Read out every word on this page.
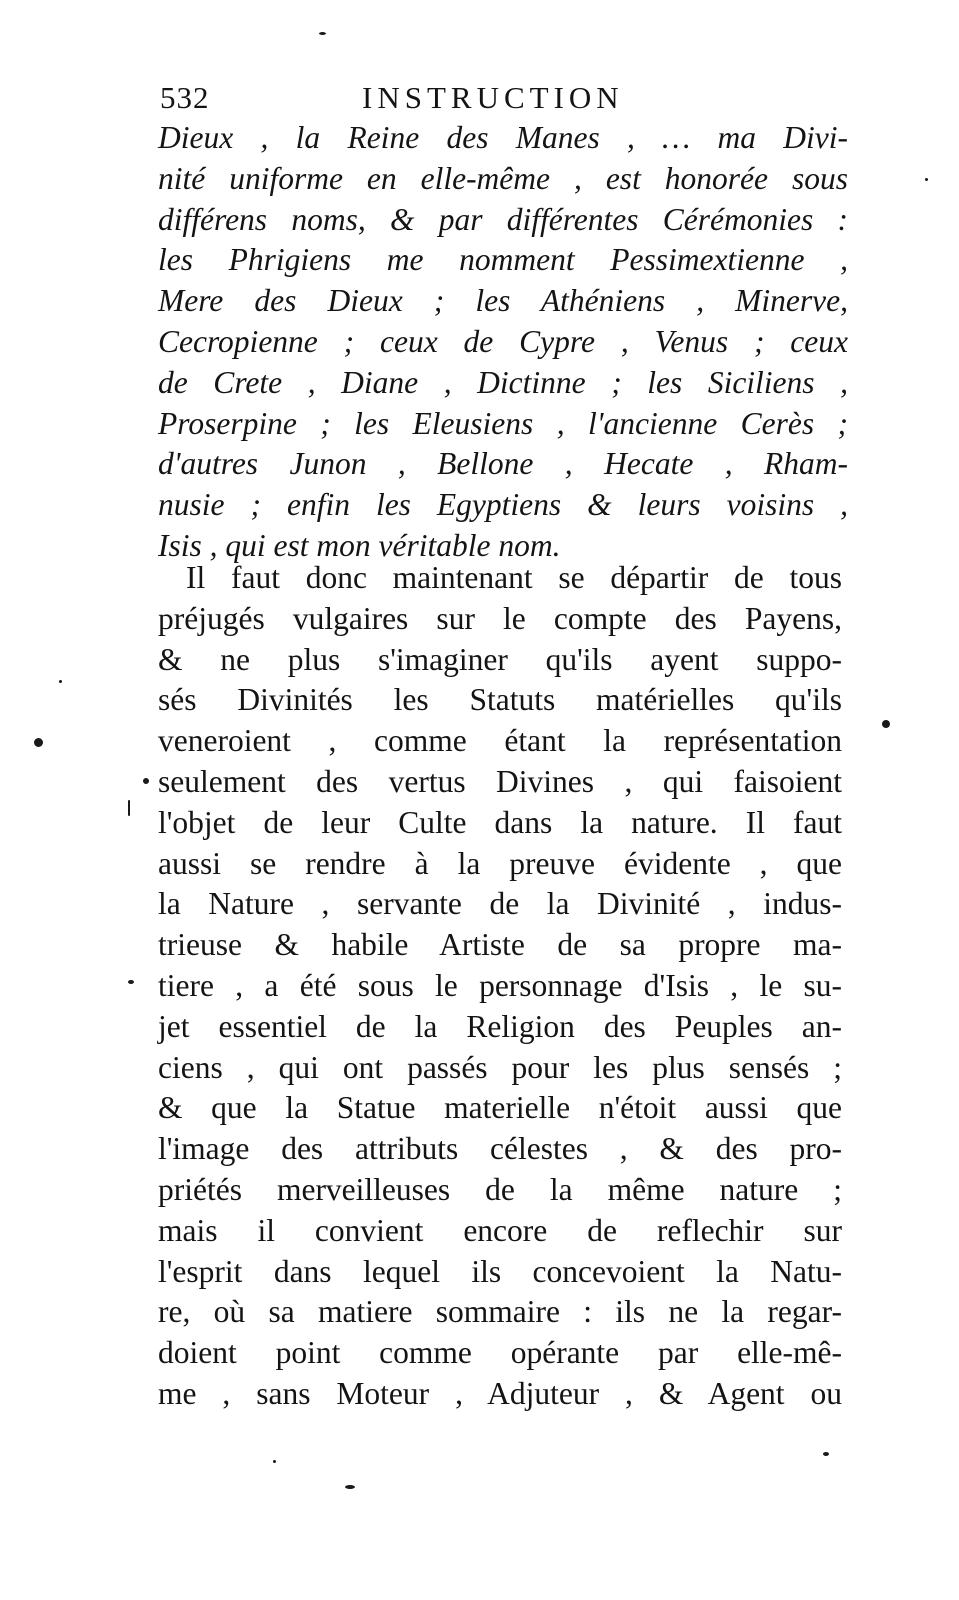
532	INSTRUCTION
Dieux , la Reine des Manes , … ma Divi-
nité uniforme en elle-même , est honorée sous
différens noms, & par différentes Cérémonies :
les Phrigiens me nomment Pessimextienne ,
Mere des Dieux ; les Athéniens , Minerve,
Cecropienne ; ceux de Cypre , Venus ; ceux
de Crete , Diane , Dictinne ; les Siciliens ,
Proserpine ; les Eleusiens , l'ancienne Cerès ;
d'autres Junon , Bellone , Hecate , Rham-
nusie ; enfin les Egyptiens & leurs voisins ,
Isis , qui est mon véritable nom.
Il faut donc maintenant se départir de tous
préjugés vulgaires sur le compte des Payens,
& ne plus s'imaginer qu'ils ayent suppo-
sés Divinités les Statuts matérielles qu'ils
veneroient , comme étant la représentation
seulement des vertus Divines , qui faisoient
l'objet de leur Culte dans la nature. Il faut
aussi se rendre à la preuve évidente , que
la Nature , servante de la Divinité , indus-
trieuse & habile Artiste de sa propre ma-
tiere , a été sous le personnage d'Isis , le su-
jet essentiel de la Religion des Peuples an-
ciens , qui ont passés pour les plus sensés ;
& que la Statue materielle n'étoit aussi que
l'image des attributs célestes , & des pro-
priétés merveilleuses de la même nature ;
mais il convient encore de reflechir sur
l'esprit dans lequel ils concevoient la Natu-
re, où sa matiere sommaire : ils ne la regar-
doient point comme opérante par elle-mê-
me , sans Moteur , Adjuteur , & Agent ou
